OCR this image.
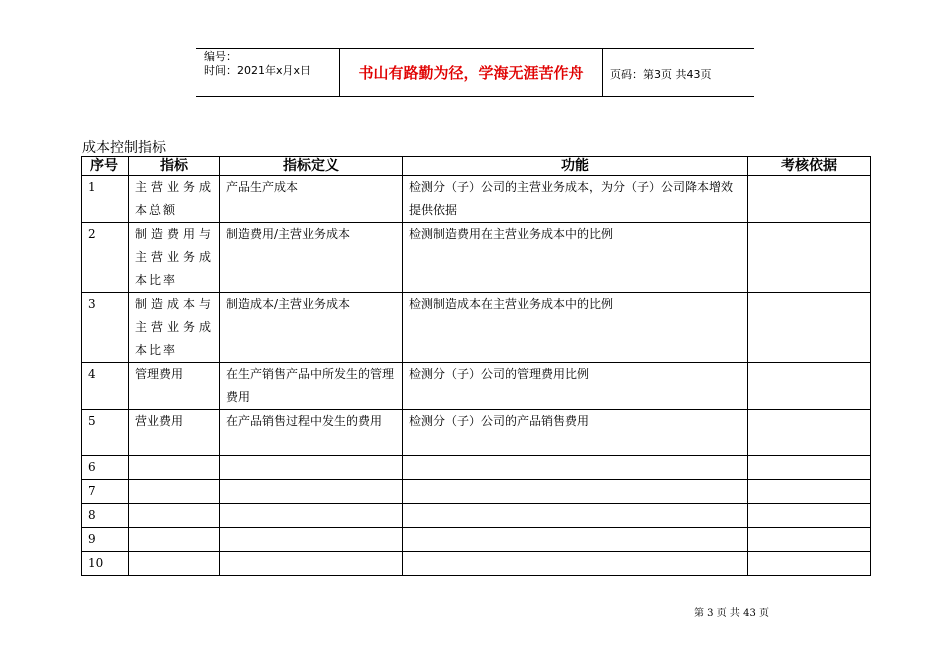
编号：
时间：2021年x月x日	书山有路勤为径，学海无涯苦作舟	页码：第3页 共43页
成本控制指标
序号	指标	指标定义	功能	考核依据
1	主营业务成本总额	产品生产成本	检测分（子）公司的主营业务成本，为分（子）公司降本增效提供依据	
2	制造费用与主营业务成本比率	制造费用/主营业务成本	检测制造费用在主营业务成本中的比例	
3	制造成本与主营业务成本比率	制造成本/主营业务成本	检测制造成本在主营业务成本中的比例	
4	管理费用	在生产销售产品中所发生的管理费用	检测分（子）公司的管理费用比例	
5	营业费用	在产品销售过程中发生的费用	检测分（子）公司的产品销售费用	
6				
7				
8				
9				
10				
第 3 页 共 43 页
